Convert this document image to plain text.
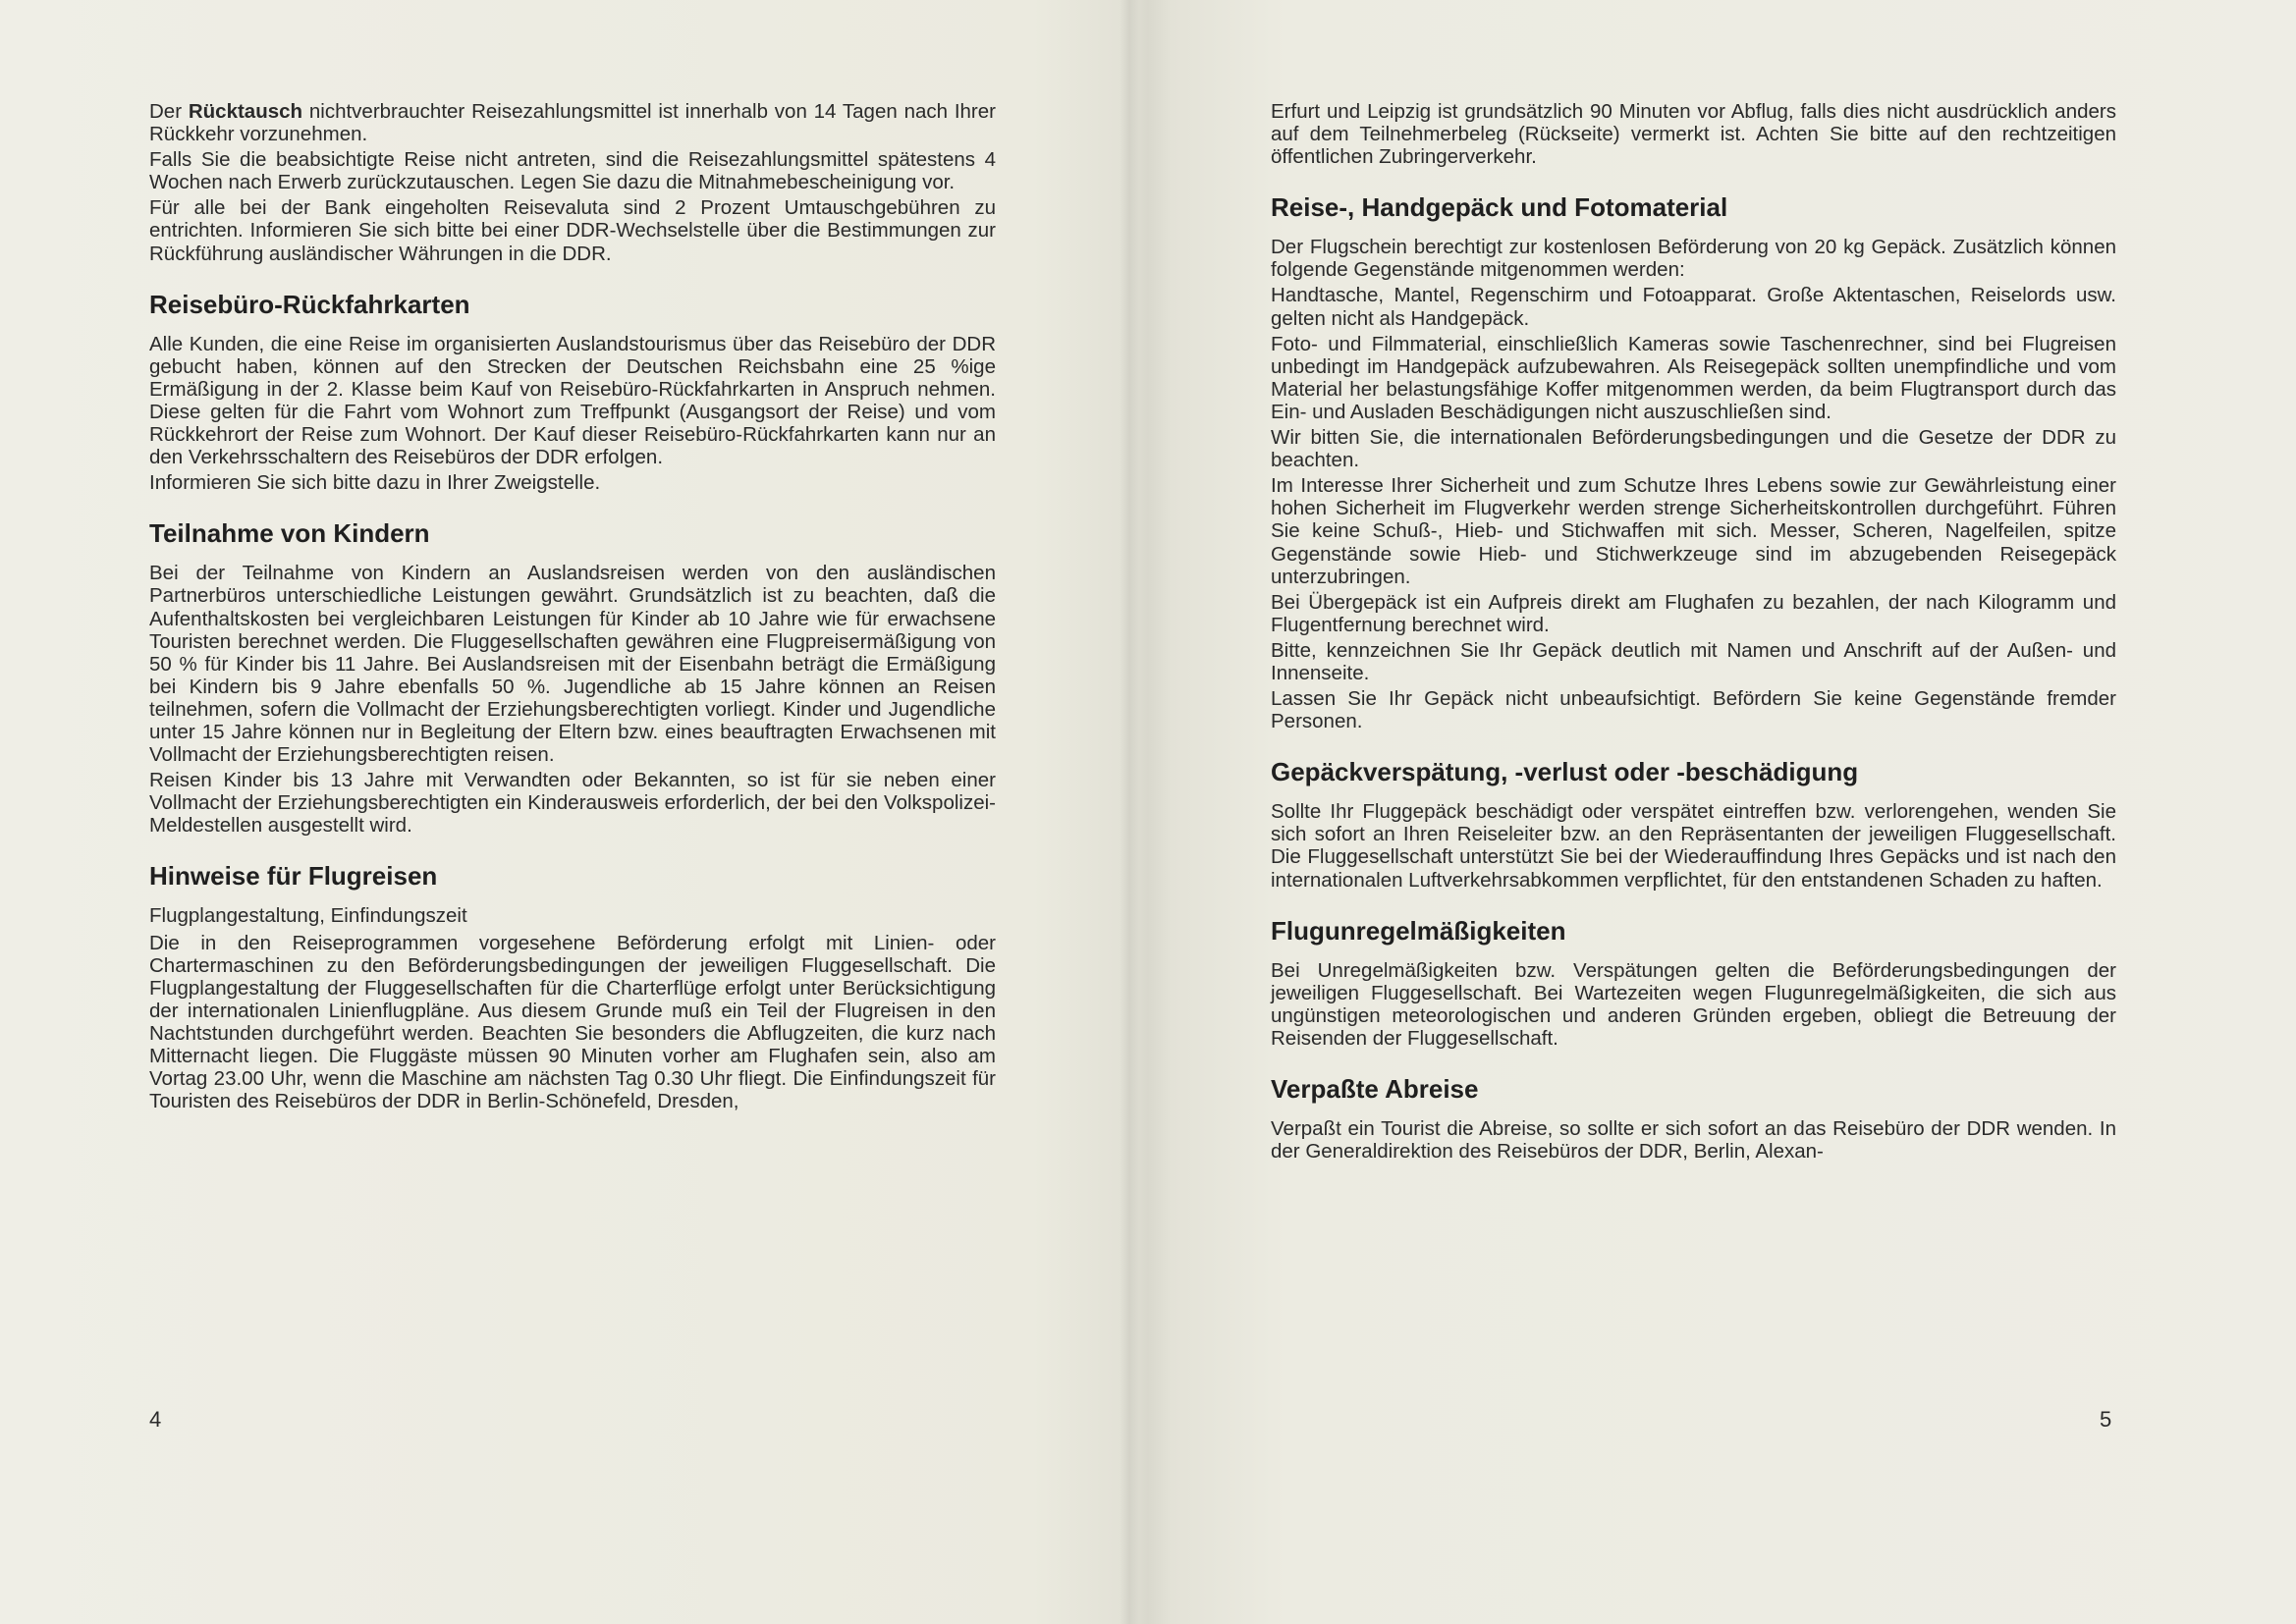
Der Rücktausch nichtverbrauchter Reisezahlungsmittel ist innerhalb von 14 Tagen nach Ihrer Rückkehr vorzunehmen.

Falls Sie die beabsichtigte Reise nicht antreten, sind die Reisezahlungsmittel spätestens 4 Wochen nach Erwerb zurückzutauschen. Legen Sie dazu die Mitnahmebescheinigung vor.

Für alle bei der Bank eingeholten Reisevaluta sind 2 Prozent Umtauschgebühren zu entrichten. Informieren Sie sich bitte bei einer DDR-Wechselstelle über die Bestimmungen zur Rückführung ausländischer Währungen in die DDR.

Reisebüro-Rückfahrkarten

Alle Kunden, die eine Reise im organisierten Auslandstourismus über das Reisebüro der DDR gebucht haben, können auf den Strecken der Deutschen Reichsbahn eine 25 %ige Ermäßigung in der 2. Klasse beim Kauf von Reisebüro-Rückfahrkarten in Anspruch nehmen. Diese gelten für die Fahrt vom Wohnort zum Treffpunkt (Ausgangsort der Reise) und vom Rückkehrort der Reise zum Wohnort. Der Kauf dieser Reisebüro-Rückfahrkarten kann nur an den Verkehrsschaltern des Reisebüros der DDR erfolgen.

Informieren Sie sich bitte dazu in Ihrer Zweigstelle.

Teilnahme von Kindern

Bei der Teilnahme von Kindern an Auslandsreisen werden von den ausländischen Partnerbüros unterschiedliche Leistungen gewährt. Grundsätzlich ist zu beachten, daß die Aufenthaltskosten bei vergleichbaren Leistungen für Kinder ab 10 Jahre wie für erwachsene Touristen berechnet werden. Die Fluggesellschaften gewähren eine Flugpreisermäßigung von 50 % für Kinder bis 11 Jahre. Bei Auslandsreisen mit der Eisenbahn beträgt die Ermäßigung bei Kindern bis 9 Jahre ebenfalls 50 %. Jugendliche ab 15 Jahre können an Reisen teilnehmen, sofern die Vollmacht der Erziehungsberechtigten vorliegt. Kinder und Jugendliche unter 15 Jahre können nur in Begleitung der Eltern bzw. eines beauftragten Erwachsenen mit Vollmacht der Erziehungsberechtigten reisen.

Reisen Kinder bis 13 Jahre mit Verwandten oder Bekannten, so ist für sie neben einer Vollmacht der Erziehungsberechtigten ein Kinderausweis erforderlich, der bei den Volkspolizei-Meldestellen ausgestellt wird.

Hinweise für Flugreisen

Flugplangestaltung, Einfindungszeit

Die in den Reiseprogrammen vorgesehene Beförderung erfolgt mit Linien- oder Chartermaschinen zu den Beförderungsbedingungen der jeweiligen Fluggesellschaft. Die Flugplangestaltung der Fluggesellschaften für die Charterflüge erfolgt unter Berücksichtigung der internationalen Linienflugpläne. Aus diesem Grunde muß ein Teil der Flugreisen in den Nachtstunden durchgeführt werden. Beachten Sie besonders die Abflugzeiten, die kurz nach Mitternacht liegen. Die Fluggäste müssen 90 Minuten vorher am Flughafen sein, also am Vortag 23.00 Uhr, wenn die Maschine am nächsten Tag 0.30 Uhr fliegt. Die Einfindungszeit für Touristen des Reisebüros der DDR in Berlin-Schönefeld, Dresden,

4

Erfurt und Leipzig ist grundsätzlich 90 Minuten vor Abflug, falls dies nicht ausdrücklich anders auf dem Teilnehmerbeleg (Rückseite) vermerkt ist. Achten Sie bitte auf den rechtzeitigen öffentlichen Zubringerverkehr.

Reise-, Handgepäck und Fotomaterial

Der Flugschein berechtigt zur kostenlosen Beförderung von 20 kg Gepäck. Zusätzlich können folgende Gegenstände mitgenommen werden:

Handtasche, Mantel, Regenschirm und Fotoapparat. Große Aktentaschen, Reiselords usw. gelten nicht als Handgepäck.

Foto- und Filmmaterial, einschließlich Kameras sowie Taschenrechner, sind bei Flugreisen unbedingt im Handgepäck aufzubewahren. Als Reisegepäck sollten unempfindliche und vom Material her belastungsfähige Koffer mitgenommen werden, da beim Flugtransport durch das Ein- und Ausladen Beschädigungen nicht auszuschließen sind.

Wir bitten Sie, die internationalen Beförderungsbedingungen und die Gesetze der DDR zu beachten.

Im Interesse Ihrer Sicherheit und zum Schutze Ihres Lebens sowie zur Gewährleistung einer hohen Sicherheit im Flugverkehr werden strenge Sicherheitskontrollen durchgeführt. Führen Sie keine Schuß-, Hieb- und Stichwaffen mit sich. Messer, Scheren, Nagelfeilen, spitze Gegenstände sowie Hieb- und Stichwerkzeuge sind im abzugebenden Reisegepäck unterzubringen.

Bei Übergepäck ist ein Aufpreis direkt am Flughafen zu bezahlen, der nach Kilogramm und Flugentfernung berechnet wird.

Bitte, kennzeichnen Sie Ihr Gepäck deutlich mit Namen und Anschrift auf der Außen- und Innenseite.

Lassen Sie Ihr Gepäck nicht unbeaufsichtigt. Befördern Sie keine Gegenstände fremder Personen.

Gepäckverspätung, -verlust oder -beschädigung

Sollte Ihr Fluggepäck beschädigt oder verspätet eintreffen bzw. verlorengehen, wenden Sie sich sofort an Ihren Reiseleiter bzw. an den Repräsentanten der jeweiligen Fluggesellschaft. Die Fluggesellschaft unterstützt Sie bei der Wiederauffindung Ihres Gepäcks und ist nach den internationalen Luftverkehrsabkommen verpflichtet, für den entstandenen Schaden zu haften.

Flugunregelmäßigkeiten

Bei Unregelmäßigkeiten bzw. Verspätungen gelten die Beförderungsbedingungen der jeweiligen Fluggesellschaft. Bei Wartezeiten wegen Flugunregelmäßigkeiten, die sich aus ungünstigen meteorologischen und anderen Gründen ergeben, obliegt die Betreuung der Reisenden der Fluggesellschaft.

Verpaßte Abreise

Verpaßt ein Tourist die Abreise, so sollte er sich sofort an das Reisebüro der DDR wenden. In der Generaldirektion des Reisebüros der DDR, Berlin, Alexan-

5
